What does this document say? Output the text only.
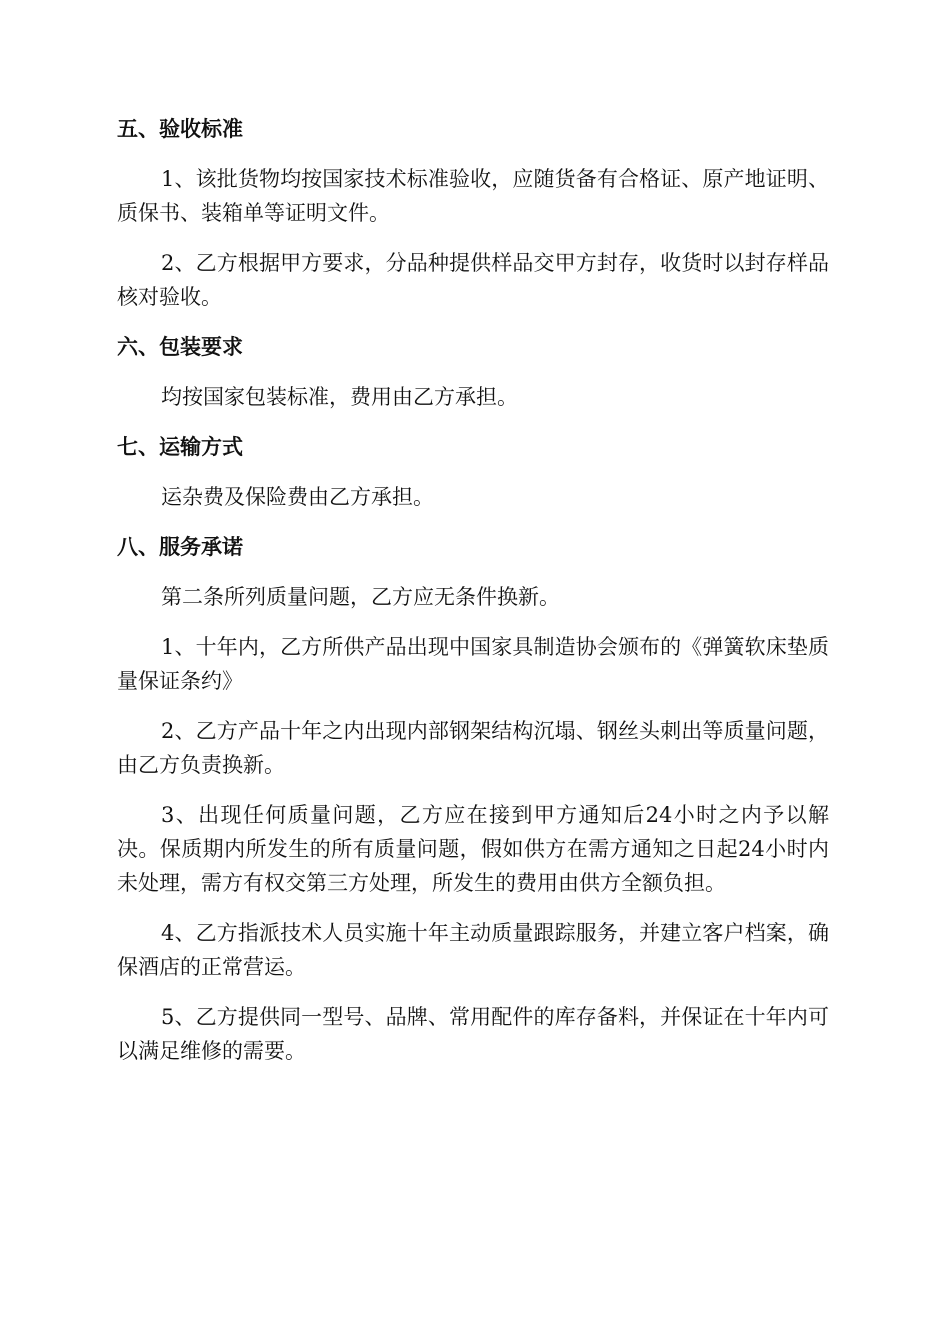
五、验收标准

1、该批货物均按国家技术标准验收，应随货备有合格证、原产地证明、质保书、装箱单等证明文件。

2、乙方根据甲方要求，分品种提供样品交甲方封存，收货时以封存样品核对验收。

六、包装要求

均按国家包装标准，费用由乙方承担。

七、运输方式

运杂费及保险费由乙方承担。

八、服务承诺

第二条所列质量问题，乙方应无条件换新。

1、十年内，乙方所供产品出现中国家具制造协会颁布的《弹簧软床垫质量保证条约》

2、乙方产品十年之内出现内部钢架结构沉塌、钢丝头刺出等质量问题，由乙方负责换新。

3、出现任何质量问题，乙方应在接到甲方通知后24小时之内予以解决。保质期内所发生的所有质量问题，假如供方在需方通知之日起24小时内未处理，需方有权交第三方处理，所发生的费用由供方全额负担。

4、乙方指派技术人员实施十年主动质量跟踪服务，并建立客户档案，确保酒店的正常营运。

5、乙方提供同一型号、品牌、常用配件的库存备料，并保证在十年内可以满足维修的需要。
